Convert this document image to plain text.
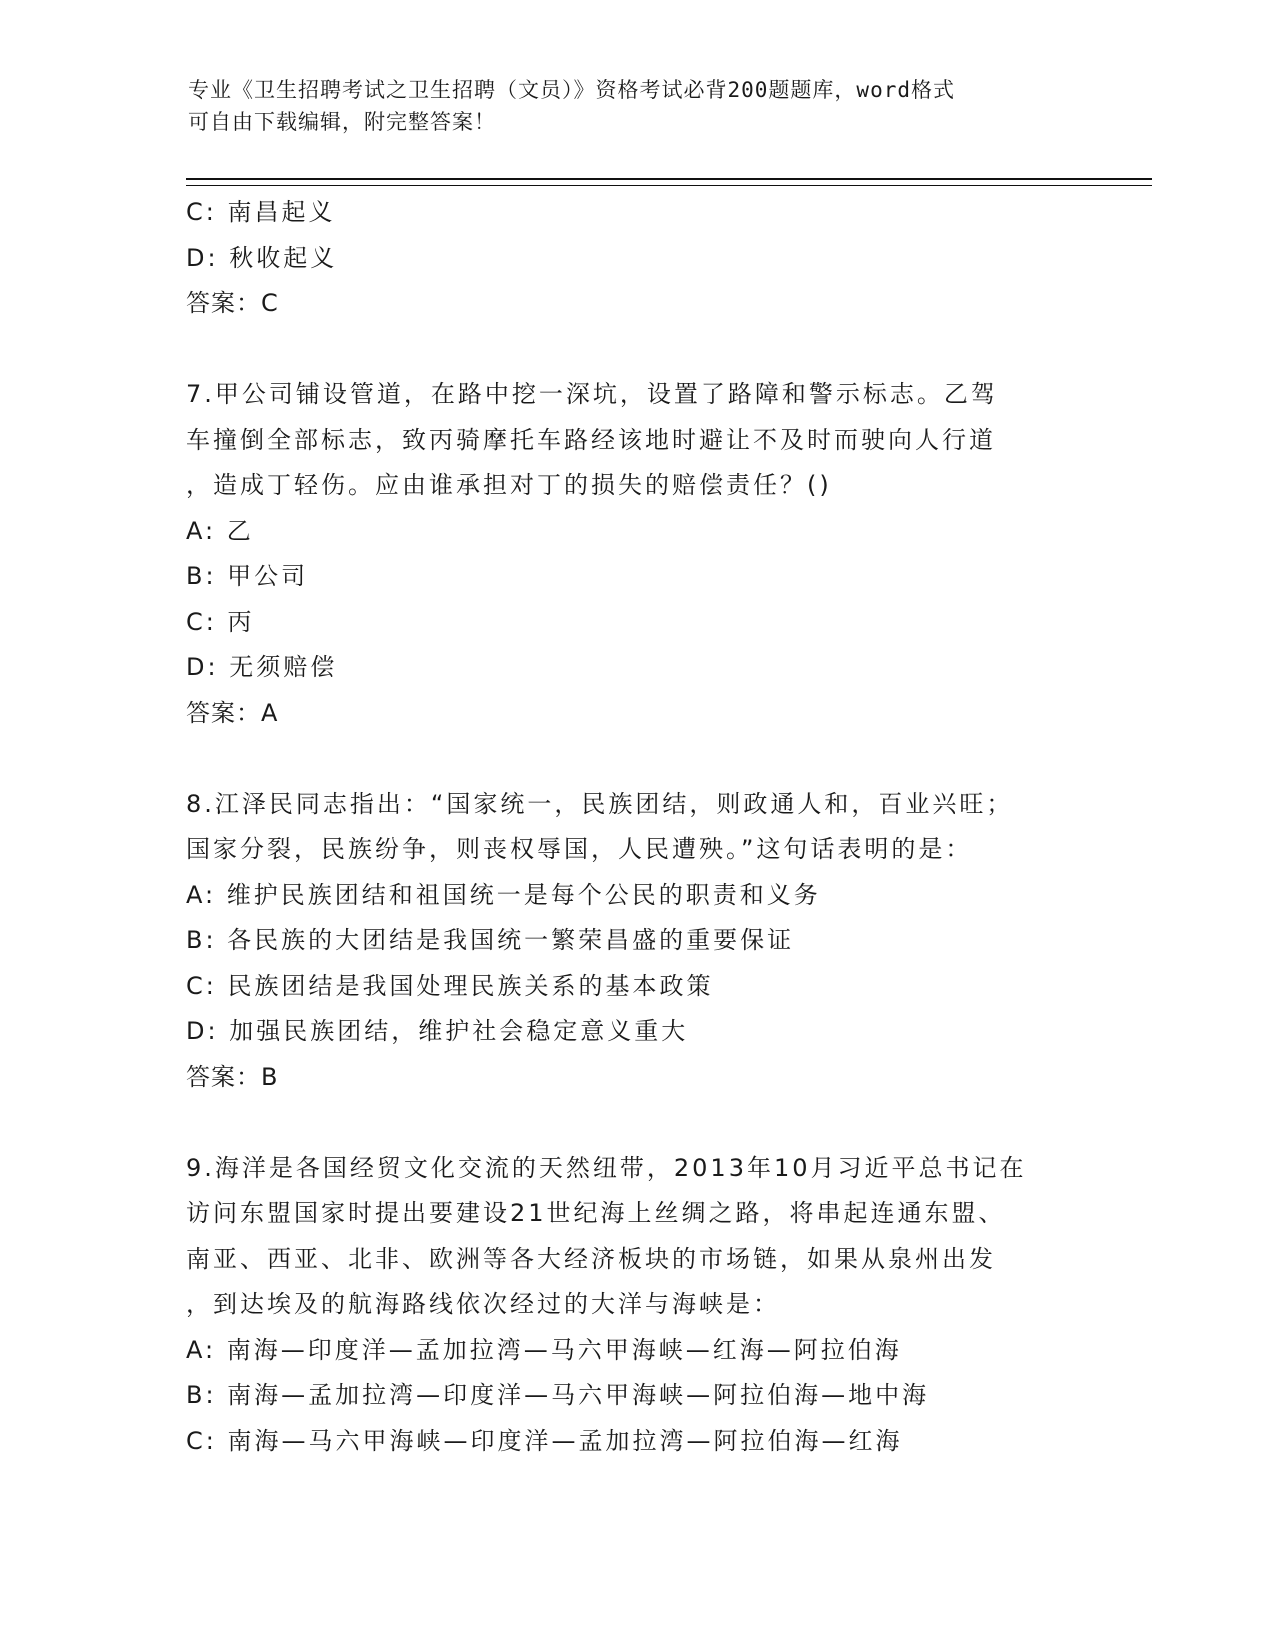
专业《卫生招聘考试之卫生招聘（文员）》资格考试必背200题题库，word格式
可自由下载编辑，附完整答案！
C: 南昌起义
D: 秋收起义
答案：C
7.甲公司铺设管道，在路中挖一深坑，设置了路障和警示标志。乙驾
车撞倒全部标志，致丙骑摩托车路经该地时避让不及时而驶向人行道
，造成丁轻伤。应由谁承担对丁的损失的赔偿责任？()
A: 乙
B: 甲公司
C: 丙
D: 无须赔偿
答案：A
8.江泽民同志指出：“国家统一，民族团结，则政通人和，百业兴旺；
国家分裂，民族纷争，则丧权辱国，人民遭殃。”这句话表明的是：
A: 维护民族团结和祖国统一是每个公民的职责和义务
B: 各民族的大团结是我国统一繁荣昌盛的重要保证
C: 民族团结是我国处理民族关系的基本政策
D: 加强民族团结，维护社会稳定意义重大
答案：B
9.海洋是各国经贸文化交流的天然纽带，2013年10月习近平总书记在
访问东盟国家时提出要建设21世纪海上丝绸之路，将串起连通东盟、
南亚、西亚、北非、欧洲等各大经济板块的市场链，如果从泉州出发
，到达埃及的航海路线依次经过的大洋与海峡是：
A: 南海—印度洋—孟加拉湾—马六甲海峡—红海—阿拉伯海
B: 南海—孟加拉湾—印度洋—马六甲海峡—阿拉伯海—地中海
C: 南海—马六甲海峡—印度洋—孟加拉湾—阿拉伯海—红海
